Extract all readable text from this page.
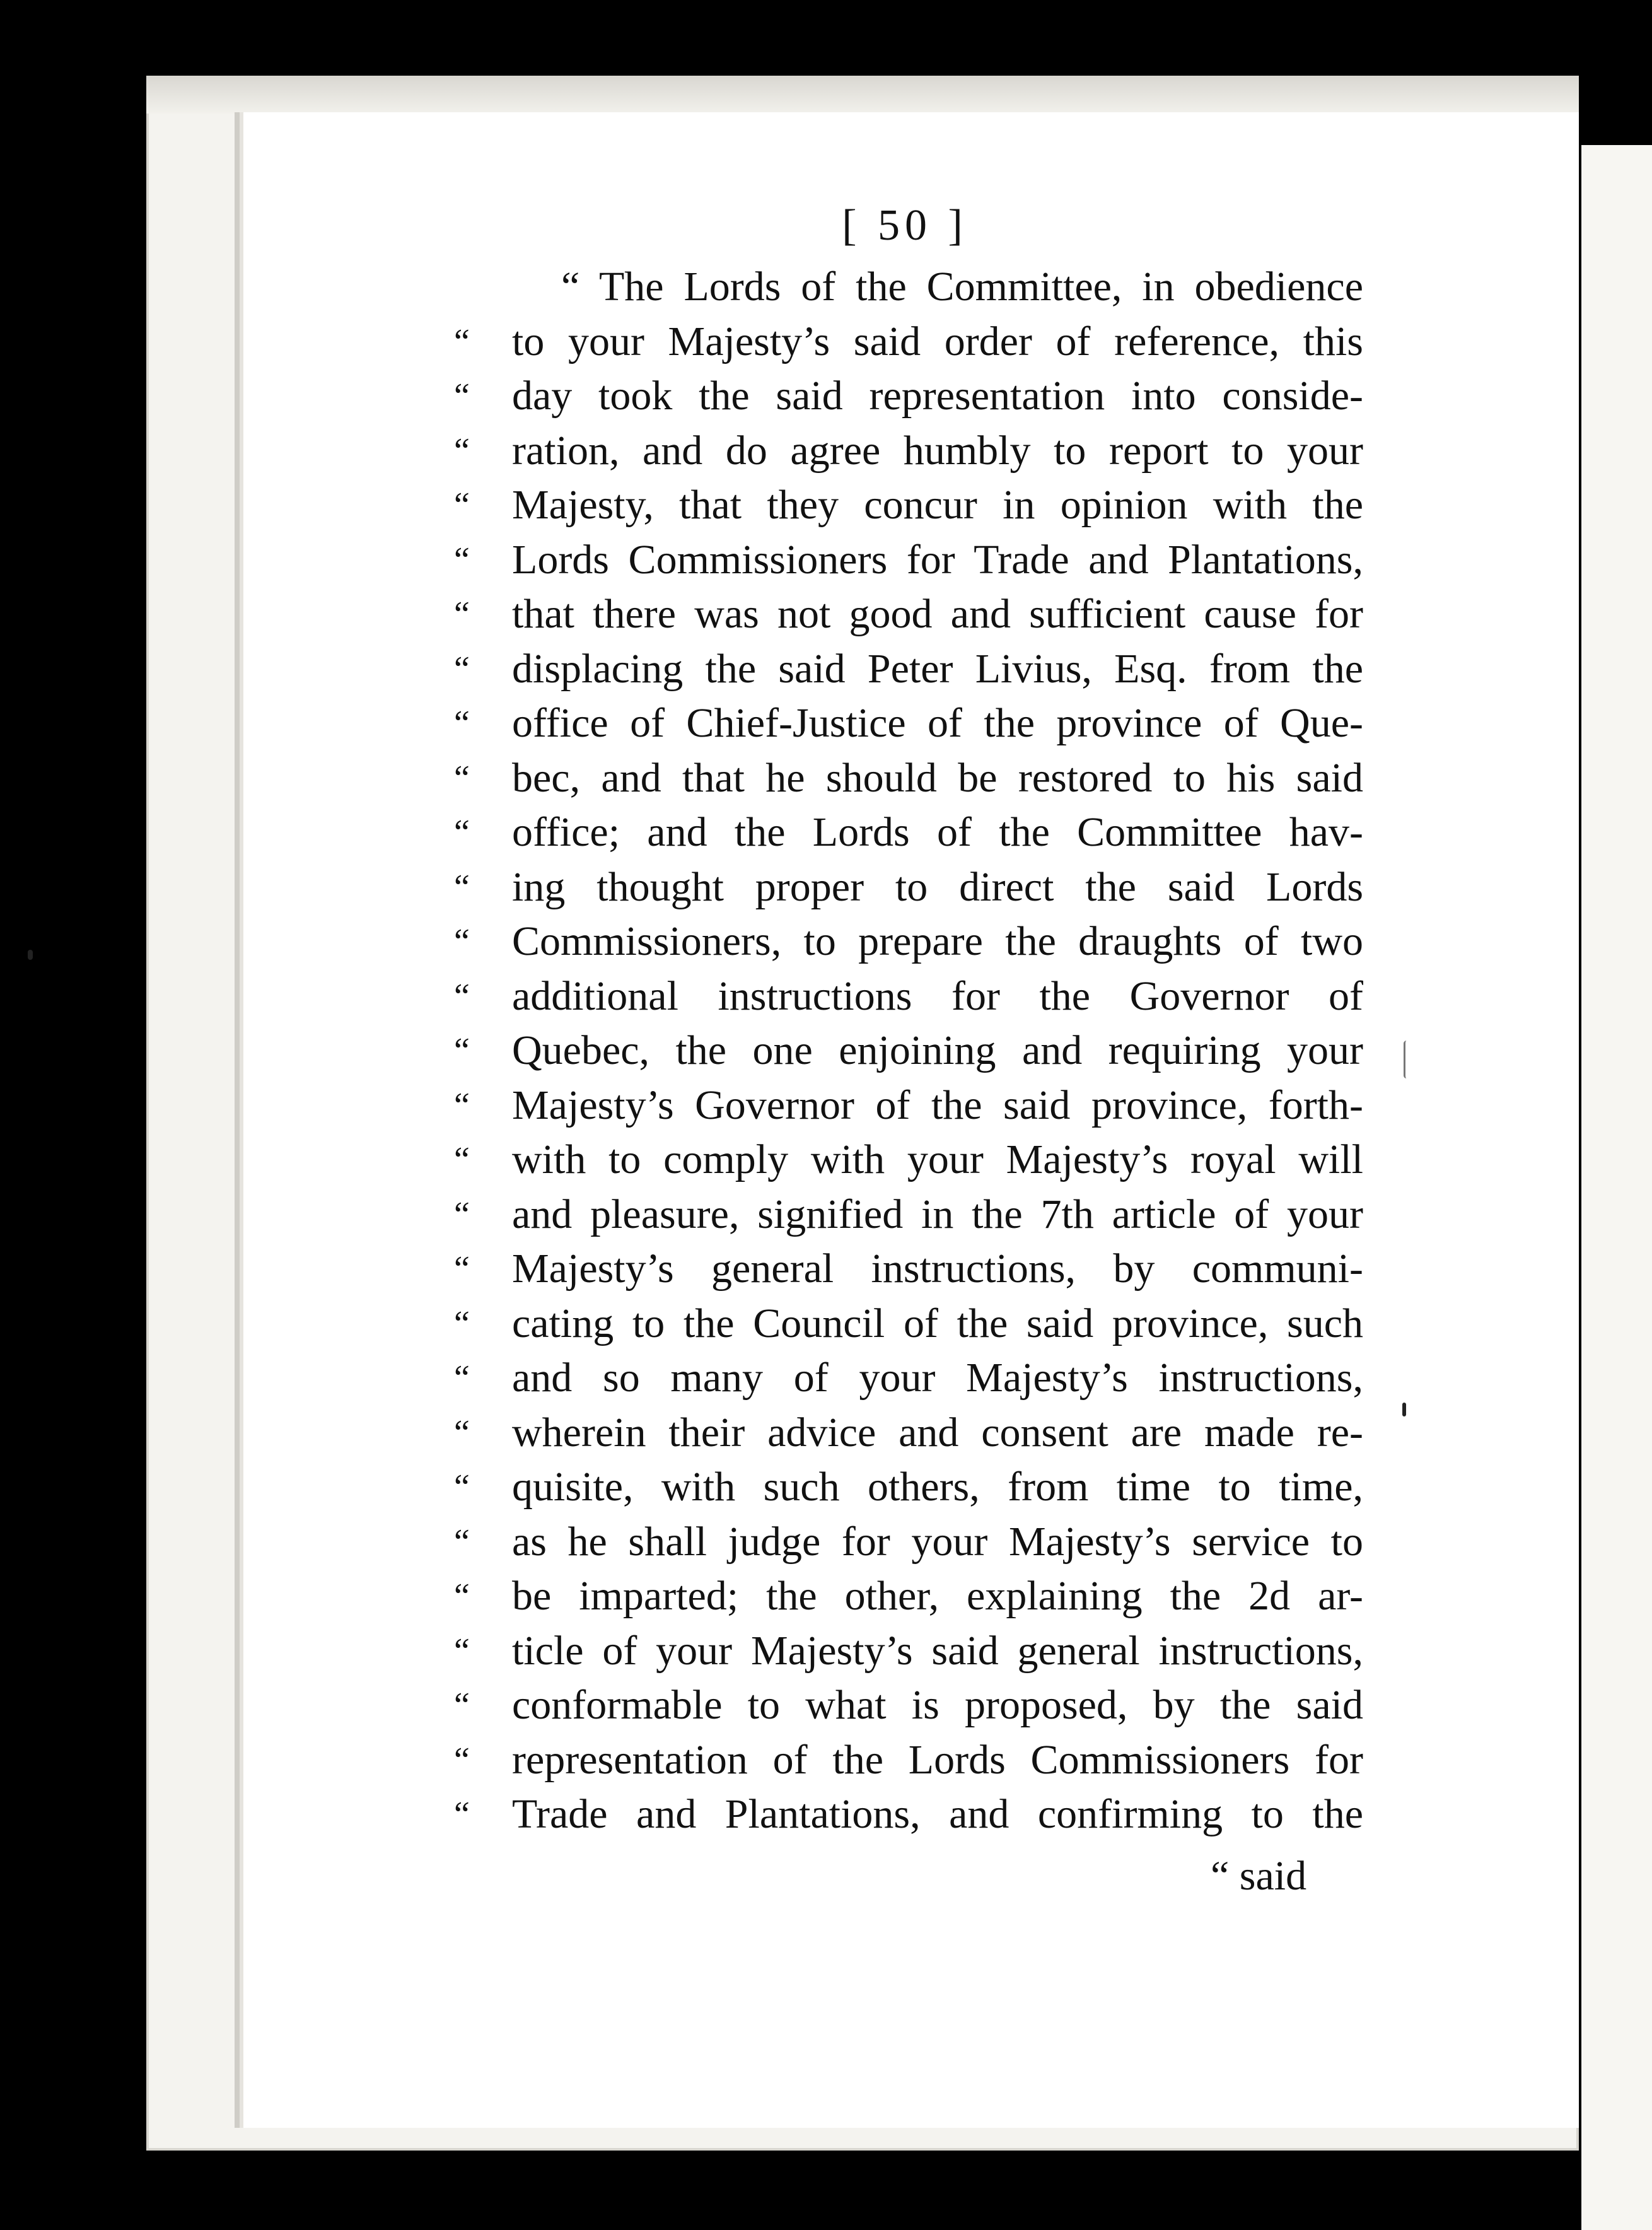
[ 50 ]
“ The Lords of the Committee, in obedience
“ to your Majesty’s said order of reference, this
“ day took the said representation into conside-
“ ration, and do agree humbly to report to your
“ Majesty, that they concur in opinion with the
“ Lords Commissioners for Trade and Plantations,
“ that there was not good and sufficient cause for
“ displacing the said Peter Livius, Esq. from the
“ office of Chief-Justice of the province of Que-
“ bec, and that he should be restored to his said
“ office; and the Lords of the Committee hav-
“ ing thought proper to direct the said Lords
“ Commissioners, to prepare the draughts of two
“ additional instructions for the Governor of
“ Quebec, the one enjoining and requiring your
“ Majesty’s Governor of the said province, forth-
“ with to comply with your Majesty’s royal will
“ and pleasure, signified in the 7th article of your
“ Majesty’s general instructions, by communi-
“ cating to the Council of the said province, such
“ and so many of your Majesty’s instructions,
“ wherein their advice and consent are made re-
“ quisite, with such others, from time to time,
“ as he shall judge for your Majesty’s service to
“ be imparted; the other, explaining the 2d ar-
“ ticle of your Majesty’s said general instructions,
“ conformable to what is proposed, by the said
“ representation of the Lords Commissioners for
“ Trade and Plantations, and confirming to the
“ said
